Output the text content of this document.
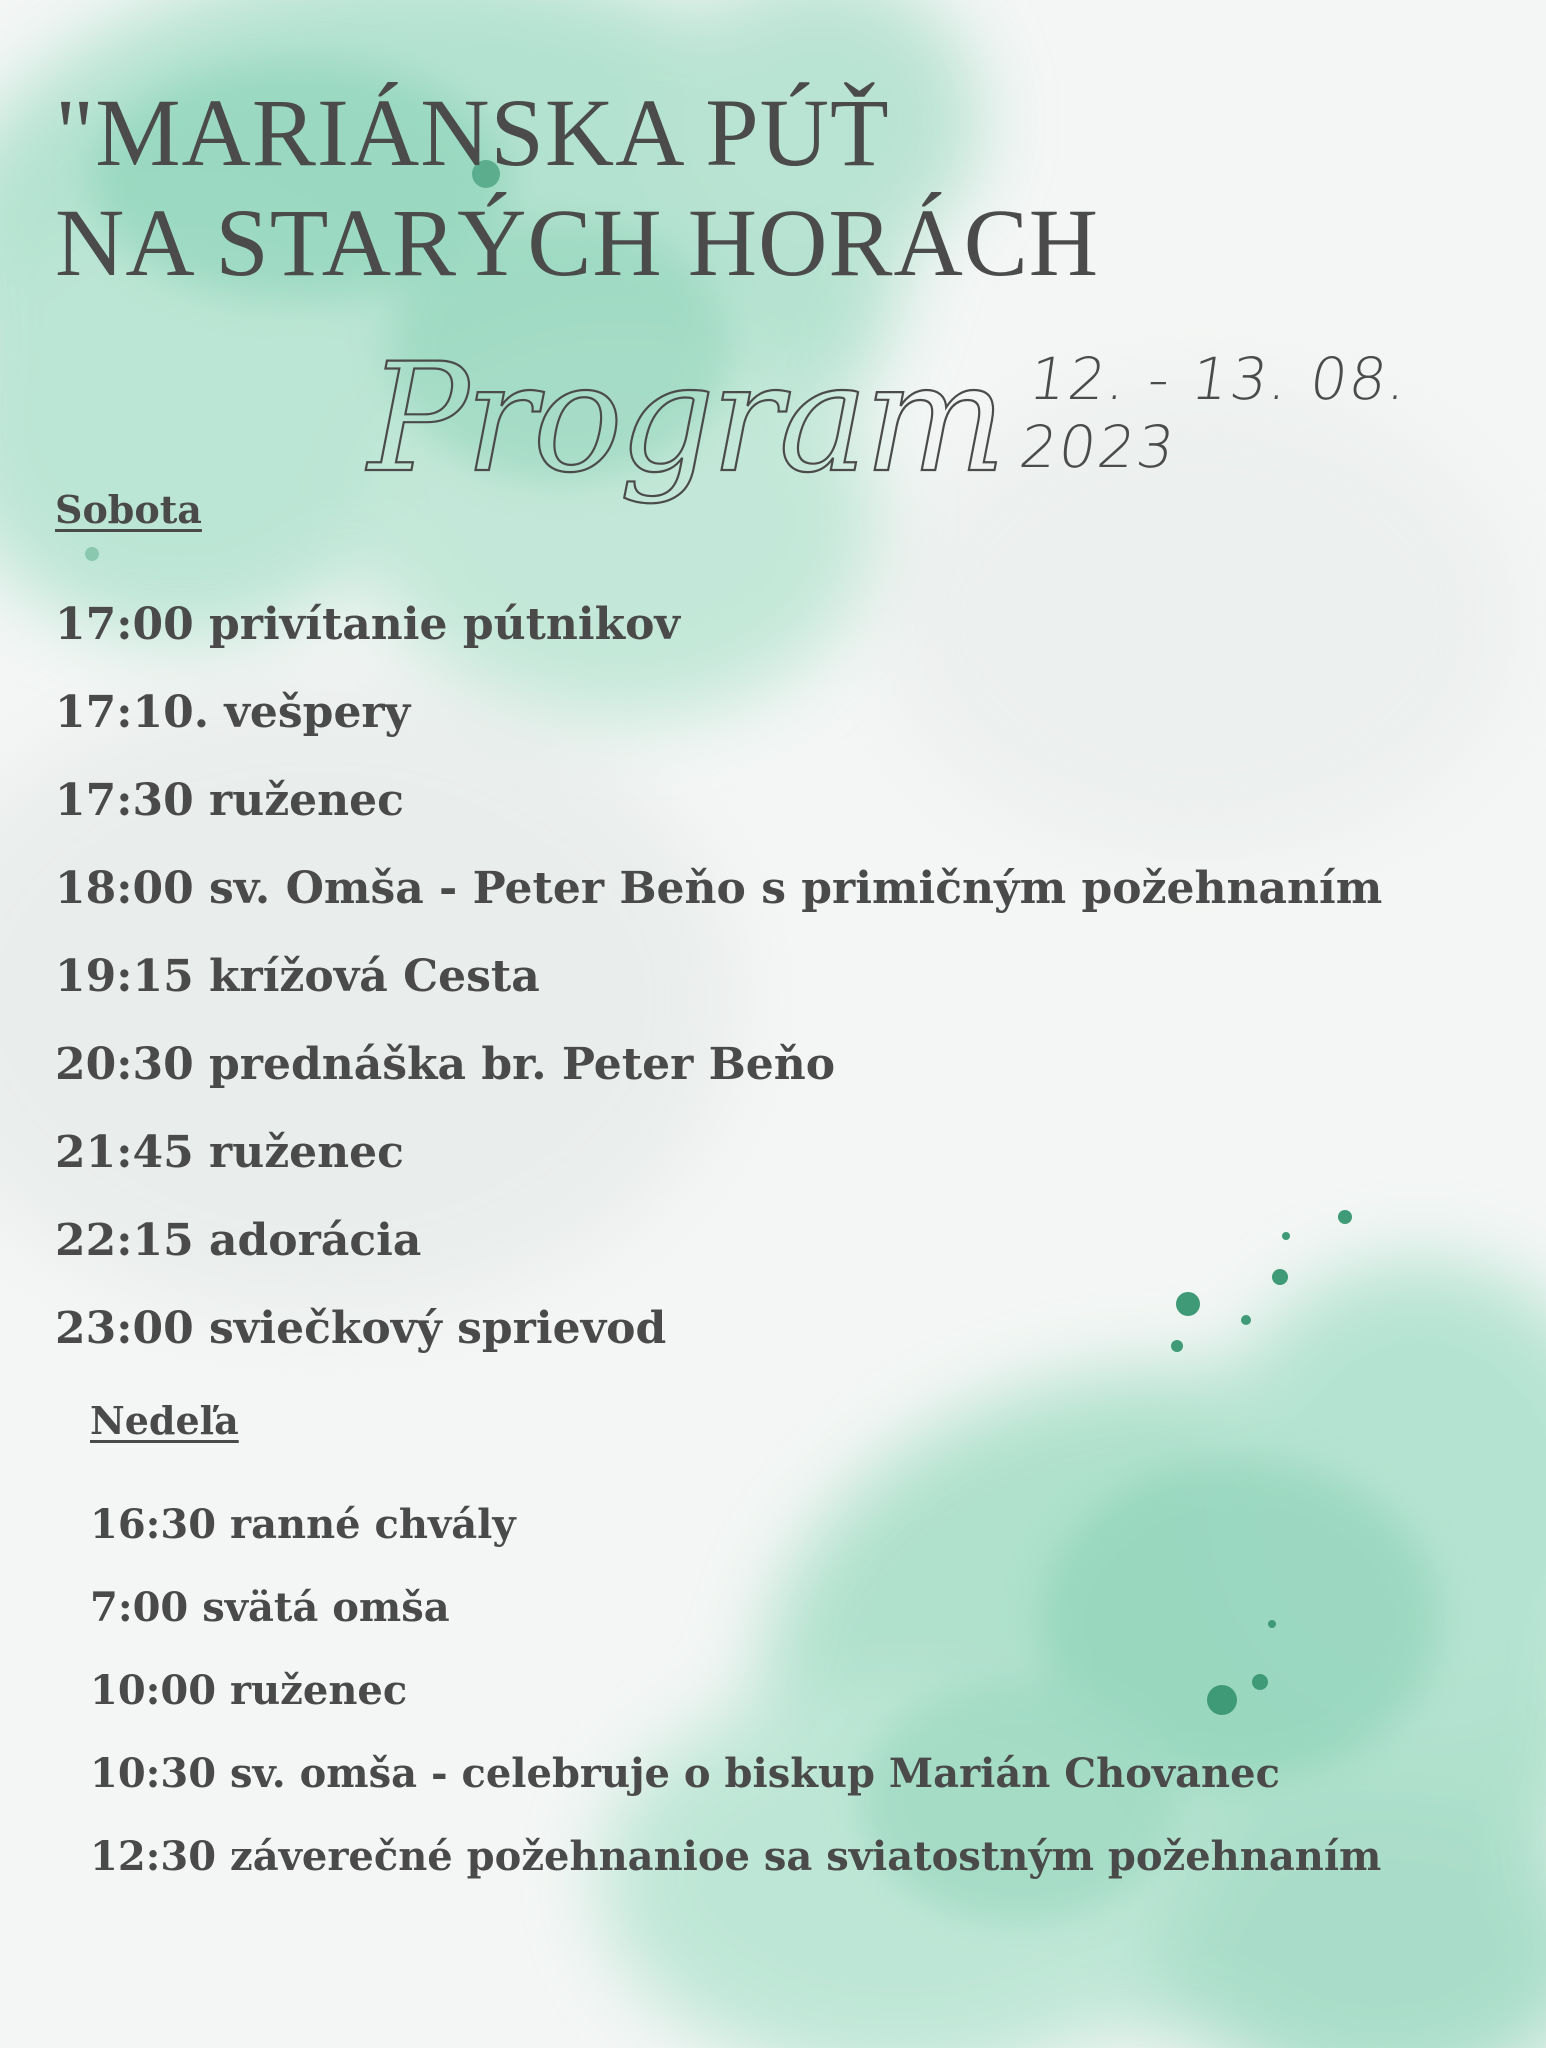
"MARIÁNSKA PÚŤ
NA STARÝCH HORÁCH
Program 12. - 13. 08. 2023
Sobota
17:00 privítanie pútnikov
17:10. vešpery
17:30 ruženec
18:00 sv. Omša - Peter Beňo s primičným požehnaním
19:15 krížová Cesta
20:30 prednáška br. Peter Beňo
21:45 ruženec
22:15 adorácia
23:00 sviečkový sprievod
Nedeľa
16:30 ranné chvály
7:00 svätá omša
10:00 ruženec
10:30 sv. omša - celebruje o biskup Marián Chovanec
12:30 záverečné požehnanioe sa sviatostným požehnaním
